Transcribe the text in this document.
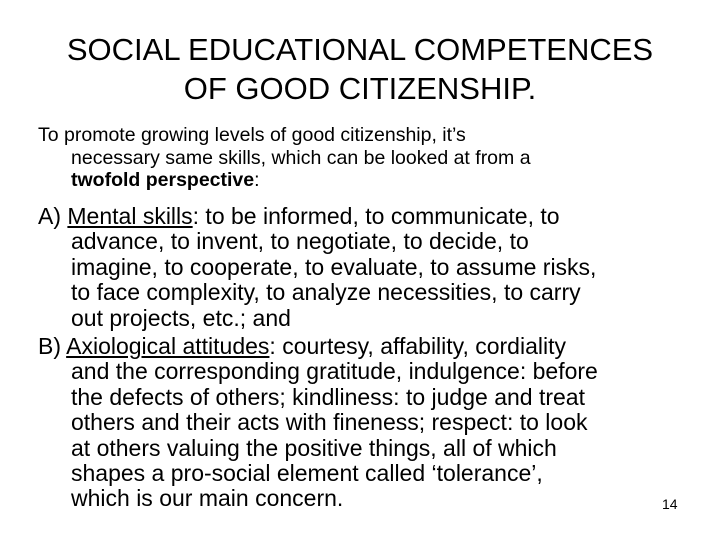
SOCIAL EDUCATIONAL COMPETENCES
OF GOOD CITIZENSHIP.

To promote growing levels of good citizenship, it’s
necessary same skills, which can be looked at from a
twofold perspective:

A) Mental skills: to be informed, to communicate, to
advance, to invent, to negotiate, to decide, to
imagine, to cooperate, to evaluate, to assume risks,
to face complexity, to analyze necessities, to carry
out projects, etc.; and

B) Axiological attitudes: courtesy, affability, cordiality
and the corresponding gratitude, indulgence: before
the defects of others; kindliness: to judge and treat
others and their acts with fineness; respect: to look
at others valuing the positive things, all of which
shapes a pro-social element called ‘tolerance’,
which is our main concern.	14
